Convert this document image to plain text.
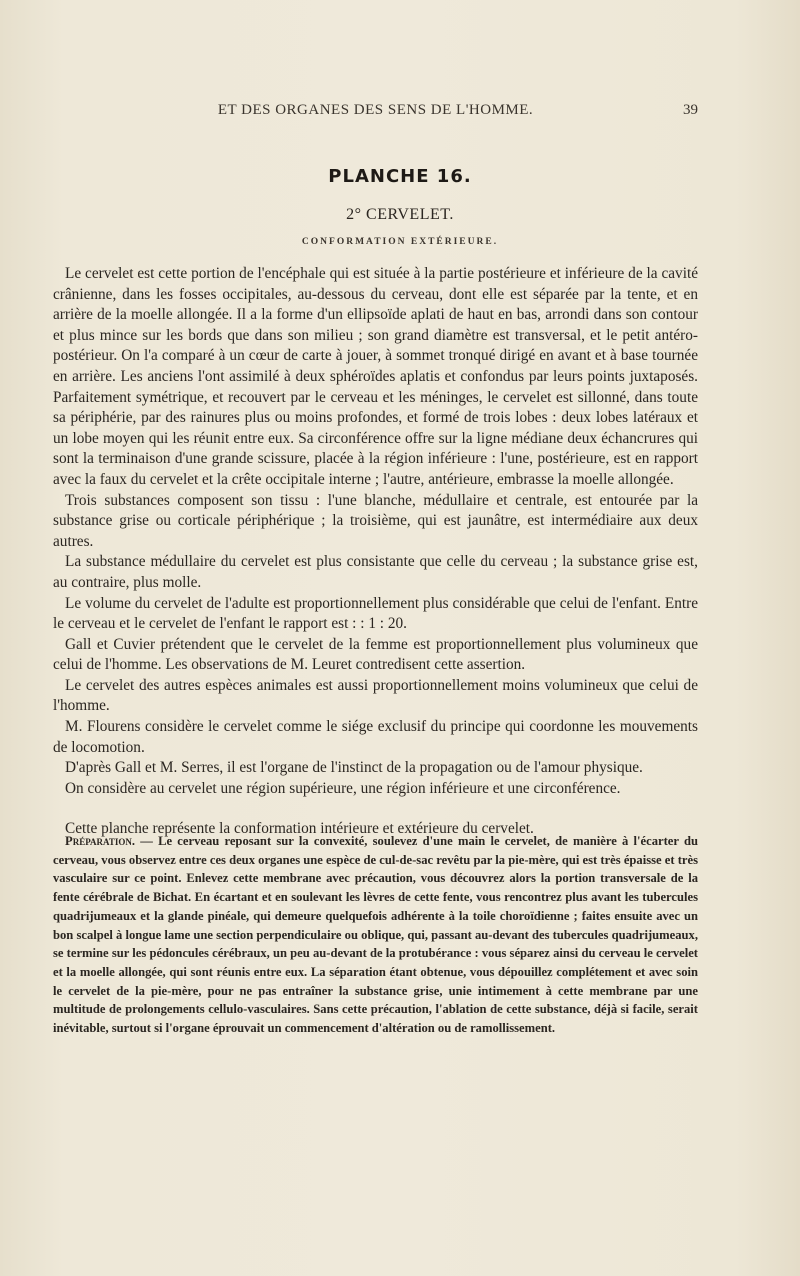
ET DES ORGANES DES SENS DE L'HOMME.	39
PLANCHE 16.
2° CERVELET.
CONFORMATION EXTÉRIEURE.

Le cervelet est cette portion de l'encéphale qui est située à la partie postérieure et inférieure de la cavité crânienne, dans les fosses occipitales, au-dessous du cerveau, dont elle est séparée par la tente, et en arrière de la moelle allongée. Il a la forme d'un ellipsoïde aplati de haut en bas, arrondi dans son contour et plus mince sur les bords que dans son milieu ; son grand diamètre est transversal, et le petit antéro-postérieur. On l'a comparé à un cœur de carte à jouer, à sommet tronqué dirigé en avant et à base tournée en arrière. Les anciens l'ont assimilé à deux sphéroïdes aplatis et confondus par leurs points juxtaposés. Parfaitement symétrique, et recouvert par le cerveau et les méninges, le cervelet est sillonné, dans toute sa périphérie, par des rainures plus ou moins profondes, et formé de trois lobes : deux lobes latéraux et un lobe moyen qui les réunit entre eux. Sa circonférence offre sur la ligne médiane deux échancrures qui sont la terminaison d'une grande scissure, placée à la région inférieure : l'une, postérieure, est en rapport avec la faux du cervelet et la crête occipitale interne ; l'autre, antérieure, embrasse la moelle allongée.

Trois substances composent son tissu : l'une blanche, médullaire et centrale, est entourée par la substance grise ou corticale périphérique ; la troisième, qui est jaunâtre, est intermédiaire aux deux autres.

La substance médullaire du cervelet est plus consistante que celle du cerveau ; la substance grise est, au contraire, plus molle.

Le volume du cervelet de l'adulte est proportionnellement plus considérable que celui de l'enfant. Entre le cerveau et le cervelet de l'enfant le rapport est : : 1 : 20.

Gall et Cuvier prétendent que le cervelet de la femme est proportionnellement plus volumineux que celui de l'homme. Les observations de M. Leuret contredisent cette assertion.

Le cervelet des autres espèces animales est aussi proportionnellement moins volumineux que celui de l'homme.

M. Flourens considère le cervelet comme le siége exclusif du principe qui coordonne les mouvements de locomotion.

D'après Gall et M. Serres, il est l'organe de l'instinct de la propagation ou de l'amour physique.

On considère au cervelet une région supérieure, une région inférieure et une circonférence.

Cette planche représente la conformation intérieure et extérieure du cervelet.

Préparation. — Le cerveau reposant sur la convexité, soulevez d'une main le cervelet, de manière à l'écarter du cerveau, vous observez entre ces deux organes une espèce de cul-de-sac revêtu par la pie-mère, qui est très épaisse et très vasculaire sur ce point. Enlevez cette membrane avec précaution, vous découvrez alors la portion transversale de la fente cérébrale de Bichat. En écartant et en soulevant les lèvres de cette fente, vous rencontrez plus avant les tubercules quadrijumeaux et la glande pinéale, qui demeure quelquefois adhérente à la toile choroïdienne ; faites ensuite avec un bon scalpel à longue lame une section perpendiculaire ou oblique, qui, passant au-devant des tubercules quadrijumeaux, se termine sur les pédoncules cérébraux, un peu au-devant de la protubérance : vous séparez ainsi du cerveau le cervelet et la moelle allongée, qui sont réunis entre eux. La séparation étant obtenue, vous dépouillez complétement et avec soin le cervelet de la pie-mère, pour ne pas entraîner la substance grise, unie intimement à cette membrane par une multitude de prolongements cellulo-vasculaires. Sans cette précaution, l'ablation de cette substance, déjà si facile, serait inévitable, surtout si l'organe éprouvait un commencement d'altération ou de ramollissement.
